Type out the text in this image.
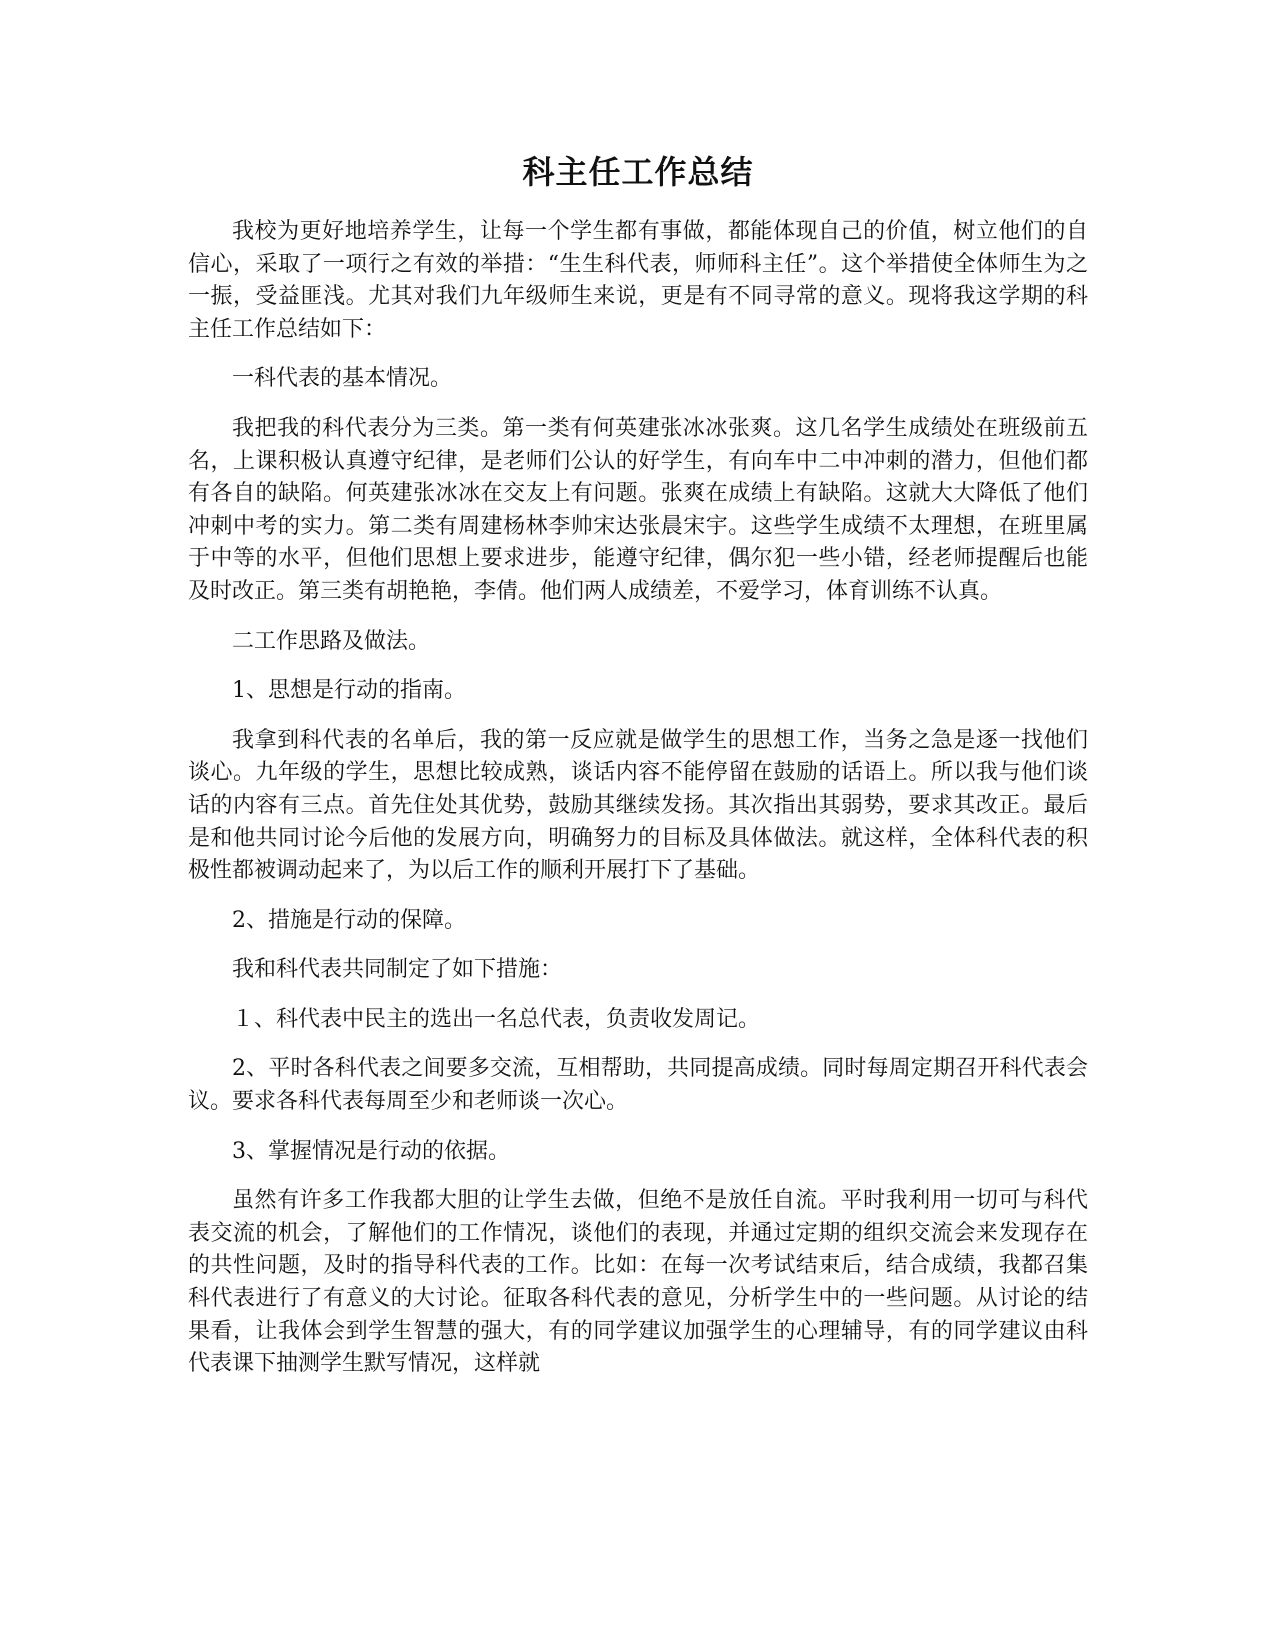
科主任工作总结

我校为更好地培养学生，让每一个学生都有事做，都能体现自己的价值，树立他们的自信心，采取了一项行之有效的举措：“生生科代表，师师科主任”。这个举措使全体师生为之一振，受益匪浅。尤其对我们九年级师生来说，更是有不同寻常的意义。现将我这学期的科主任工作总结如下：

一科代表的基本情况。

我把我的科代表分为三类。第一类有何英建张冰冰张爽。这几名学生成绩处在班级前五名，上课积极认真遵守纪律，是老师们公认的好学生，有向车中二中冲刺的潜力，但他们都有各自的缺陷。何英建张冰冰在交友上有问题。张爽在成绩上有缺陷。这就大大降低了他们冲刺中考的实力。第二类有周建杨林李帅宋达张晨宋宇。这些学生成绩不太理想，在班里属于中等的水平，但他们思想上要求进步，能遵守纪律，偶尔犯一些小错，经老师提醒后也能及时改正。第三类有胡艳艳，李倩。他们两人成绩差，不爱学习，体育训练不认真。

二工作思路及做法。

1、思想是行动的指南。

我拿到科代表的名单后，我的第一反应就是做学生的思想工作，当务之急是逐一找他们谈心。九年级的学生，思想比较成熟，谈话内容不能停留在鼓励的话语上。所以我与他们谈话的内容有三点。首先住处其优势，鼓励其继续发扬。其次指出其弱势，要求其改正。最后是和他共同讨论今后他的发展方向，明确努力的目标及具体做法。就这样，全体科代表的积极性都被调动起来了，为以后工作的顺利开展打下了基础。

2、措施是行动的保障。

我和科代表共同制定了如下措施：

１、科代表中民主的选出一名总代表，负责收发周记。

2、平时各科代表之间要多交流，互相帮助，共同提高成绩。同时每周定期召开科代表会议。要求各科代表每周至少和老师谈一次心。

3、掌握情况是行动的依据。

虽然有许多工作我都大胆的让学生去做，但绝不是放任自流。平时我利用一切可与科代表交流的机会，了解他们的工作情况，谈他们的表现，并通过定期的组织交流会来发现存在的共性问题，及时的指导科代表的工作。比如：在每一次考试结束后，结合成绩，我都召集科代表进行了有意义的大讨论。征取各科代表的意见，分析学生中的一些问题。从讨论的结果看，让我体会到学生智慧的强大，有的同学建议加强学生的心理辅导，有的同学建议由科代表课下抽测学生默写情况，这样就
